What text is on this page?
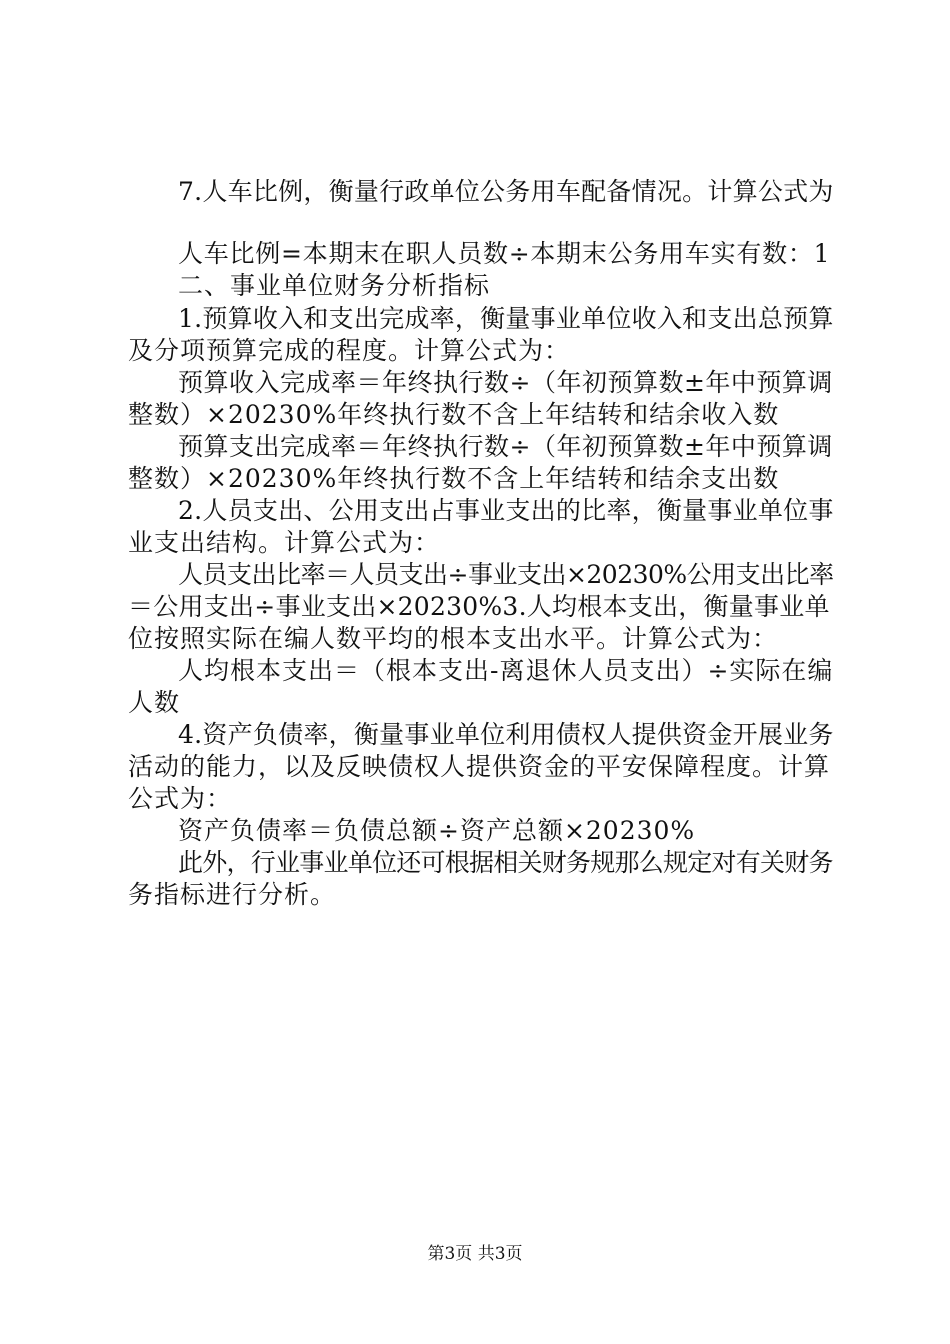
7.人车比例，衡量行政单位公务用车配备情况。计算公式为
人车比例=本期末在职人员数÷本期末公务用车实有数：1
二、事业单位财务分析指标
1.预算收入和支出完成率，衡量事业单位收入和支出总预算
及分项预算完成的程度。计算公式为：
预算收入完成率＝年终执行数÷（年初预算数±年中预算调
整数）×20230%年终执行数不含上年结转和结余收入数
预算支出完成率＝年终执行数÷（年初预算数±年中预算调
整数）×20230%年终执行数不含上年结转和结余支出数
2.人员支出、公用支出占事业支出的比率，衡量事业单位事
业支出结构。计算公式为：
人员支出比率＝人员支出÷事业支出×20230%公用支出比率
＝公用支出÷事业支出×20230%3.人均根本支出，衡量事业单
位按照实际在编人数平均的根本支出水平。计算公式为：
人均根本支出＝（根本支出-离退休人员支出）÷实际在编
人数
4.资产负债率，衡量事业单位利用债权人提供资金开展业务
活动的能力，以及反映债权人提供资金的平安保障程度。计算
公式为：
资产负债率＝负债总额÷资产总额×20230%
此外，行业事业单位还可根据相关财务规那么规定对有关财务
务指标进行分析。
第3页 共3页
